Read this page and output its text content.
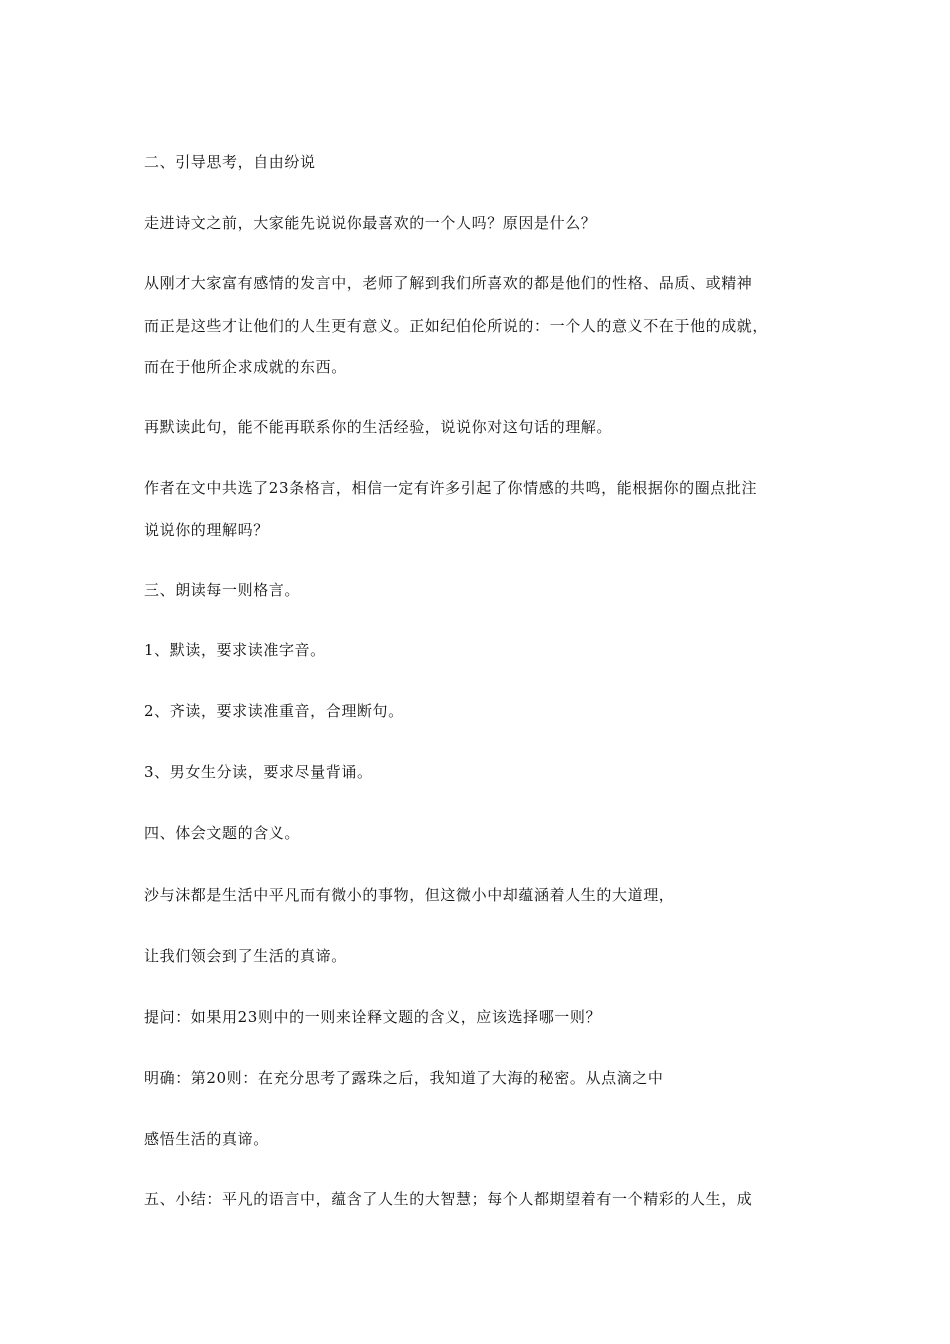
二、引导思考，自由纷说
走进诗文之前，大家能先说说你最喜欢的一个人吗？原因是什么？
从刚才大家富有感情的发言中，老师了解到我们所喜欢的都是他们的性格、品质、或精神
而正是这些才让他们的人生更有意义。正如纪伯伦所说的：一个人的意义不在于他的成就，
而在于他所企求成就的东西。
再默读此句，能不能再联系你的生活经验，说说你对这句话的理解。
作者在文中共选了23条格言，相信一定有许多引起了你情感的共鸣，能根据你的圈点批注
说说你的理解吗？
三、朗读每一则格言。
1、默读，要求读准字音。
2、齐读，要求读准重音，合理断句。
3、男女生分读，要求尽量背诵。
四、体会文题的含义。
沙与沫都是生活中平凡而有微小的事物，但这微小中却蕴涵着人生的大道理，
让我们领会到了生活的真谛。
提问：如果用23则中的一则来诠释文题的含义，应该选择哪一则？
明确：第20则：在充分思考了露珠之后，我知道了大海的秘密。从点滴之中
感悟生活的真谛。
五、小结：平凡的语言中，蕴含了人生的大智慧；每个人都期望着有一个精彩的人生，成
